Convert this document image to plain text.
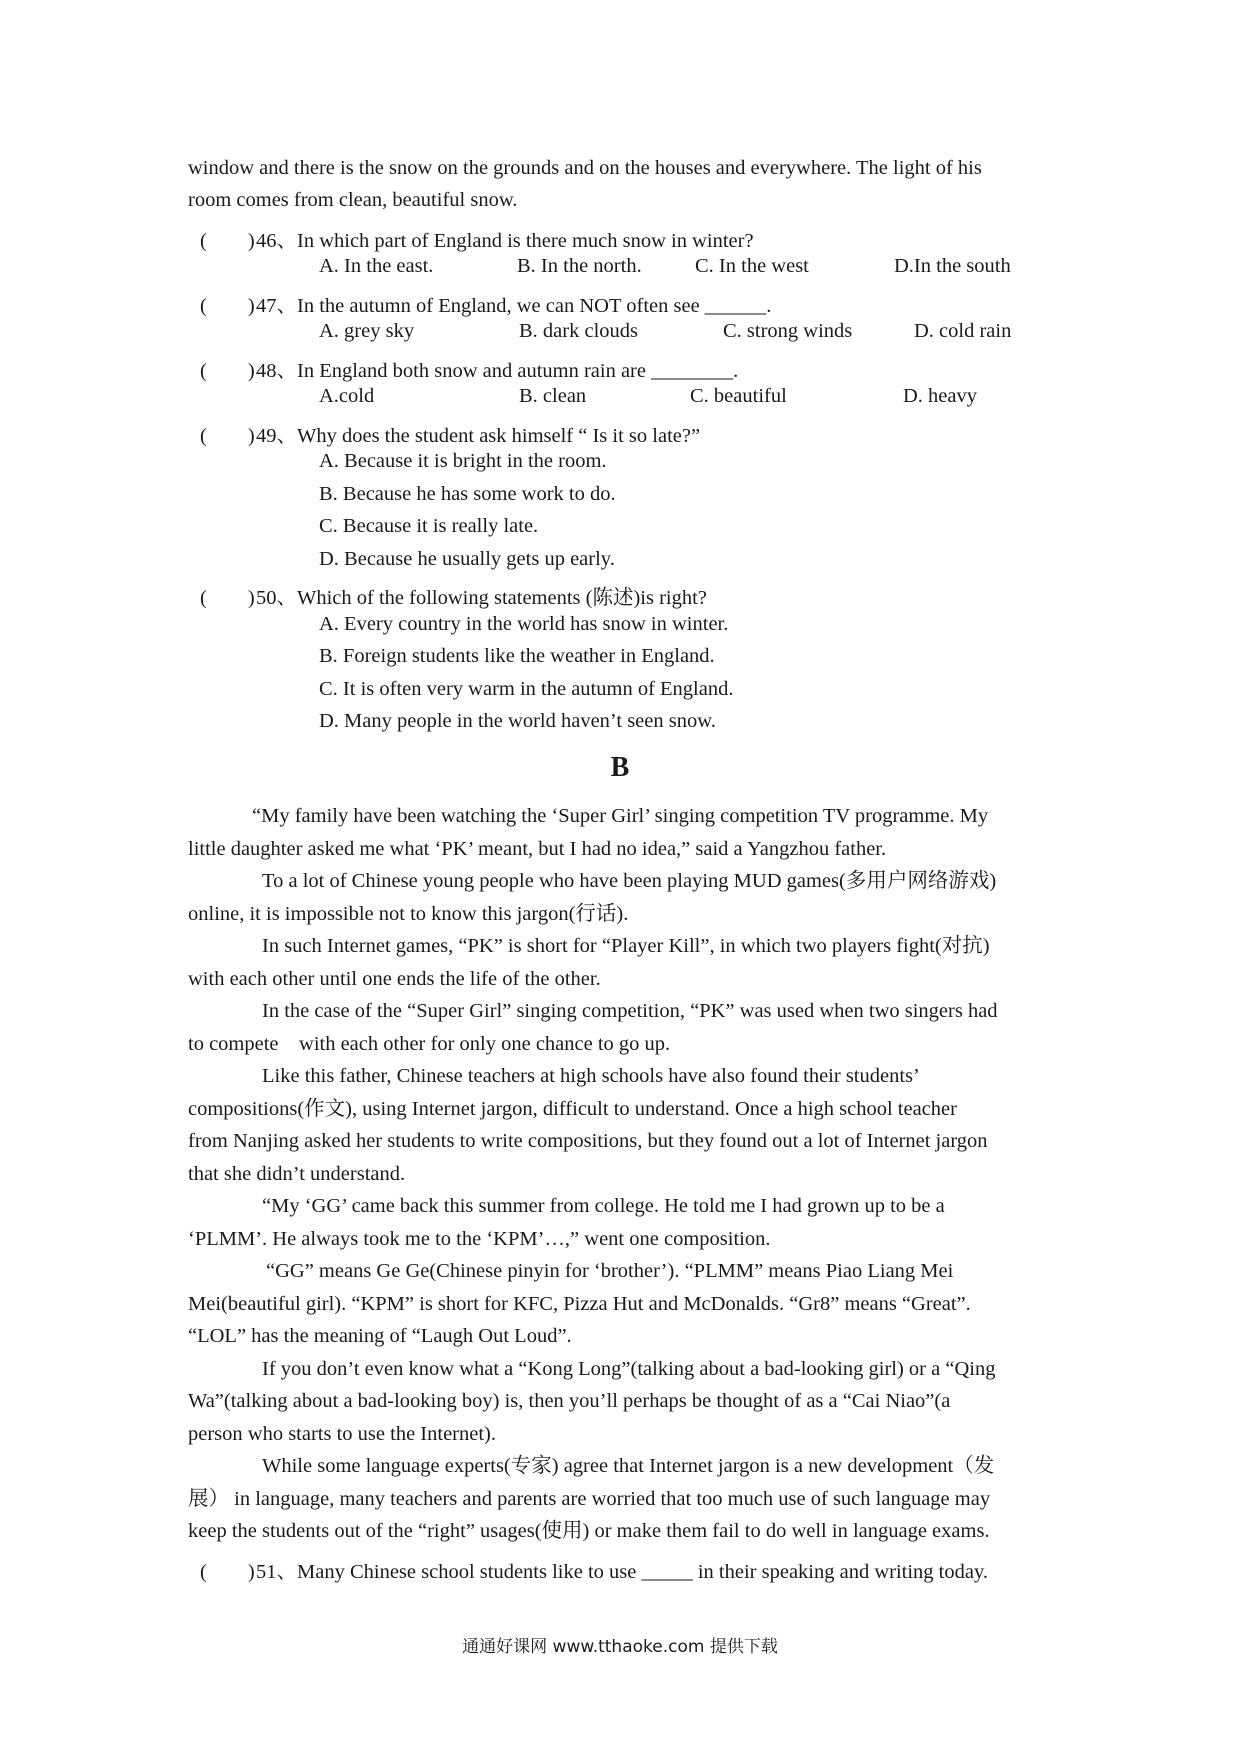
window and there is the snow on the grounds and on the houses and everywhere. The light of his
room comes from clean, beautiful snow.
(　　) 46、In which part of England is there much snow in winter?
A. In the east.	B. In the north.	C. In the west	D.In the south
(　　) 47、In the autumn of England, we can NOT often see ______.
A. grey sky	B. dark clouds	C. strong winds	D. cold rain
(　　) 48、In England both snow and autumn rain are ________.
A.cold	B. clean	C. beautiful	D. heavy
(　　) 49、Why does the student ask himself “ Is it so late?”
A. Because it is bright in the room.
B. Because he has some work to do.
C. Because it is really late.
D. Because he usually gets up early.
(　　) 50、Which of the following statements (陈述)is right?
A. Every country in the world has snow in winter.
B. Foreign students like the weather in England.
C. It is often very warm in the autumn of England.
D. Many people in the world haven’t seen snow.
B
“My family have been watching the ‘Super Girl’ singing competition TV programme. My
little daughter asked me what ‘PK’ meant, but I had no idea,” said a Yangzhou father.
To a lot of Chinese young people who have been playing MUD games(多用户网络游戏)
online, it is impossible not to know this jargon(行话).
In such Internet games, “PK” is short for “Player Kill”, in which two players fight(对抗)
with each other until one ends the life of the other.
In the case of the “Super Girl” singing competition, “PK” was used when two singers had
to compete with each other for only one chance to go up.
Like this father, Chinese teachers at high schools have also found their students’
compositions(作文), using Internet jargon, difficult to understand. Once a high school teacher
from Nanjing asked her students to write compositions, but they found out a lot of Internet jargon
that she didn’t understand.
“My ‘GG’ came back this summer from college. He told me I had grown up to be a
‘PLMM’. He always took me to the ‘KPM’…,” went one composition.
“GG” means Ge Ge(Chinese pinyin for ‘brother’). “PLMM” means Piao Liang Mei
Mei(beautiful girl). “KPM” is short for KFC, Pizza Hut and McDonalds. “Gr8” means “Great”.
“LOL” has the meaning of “Laugh Out Loud”.
If you don’t even know what a “Kong Long”(talking about a bad-looking girl) or a “Qing
Wa”(talking about a bad-looking boy) is, then you’ll perhaps be thought of as a “Cai Niao”(a
person who starts to use the Internet).
While some language experts(专家) agree that Internet jargon is a new development（发
展） in language, many teachers and parents are worried that too much use of such language may
keep the students out of the “right” usages(使用) or make them fail to do well in language exams.
(　　) 51、Many Chinese school students like to use _____ in their speaking and writing today.
通通好课网 www.tthaoke.com 提供下载
